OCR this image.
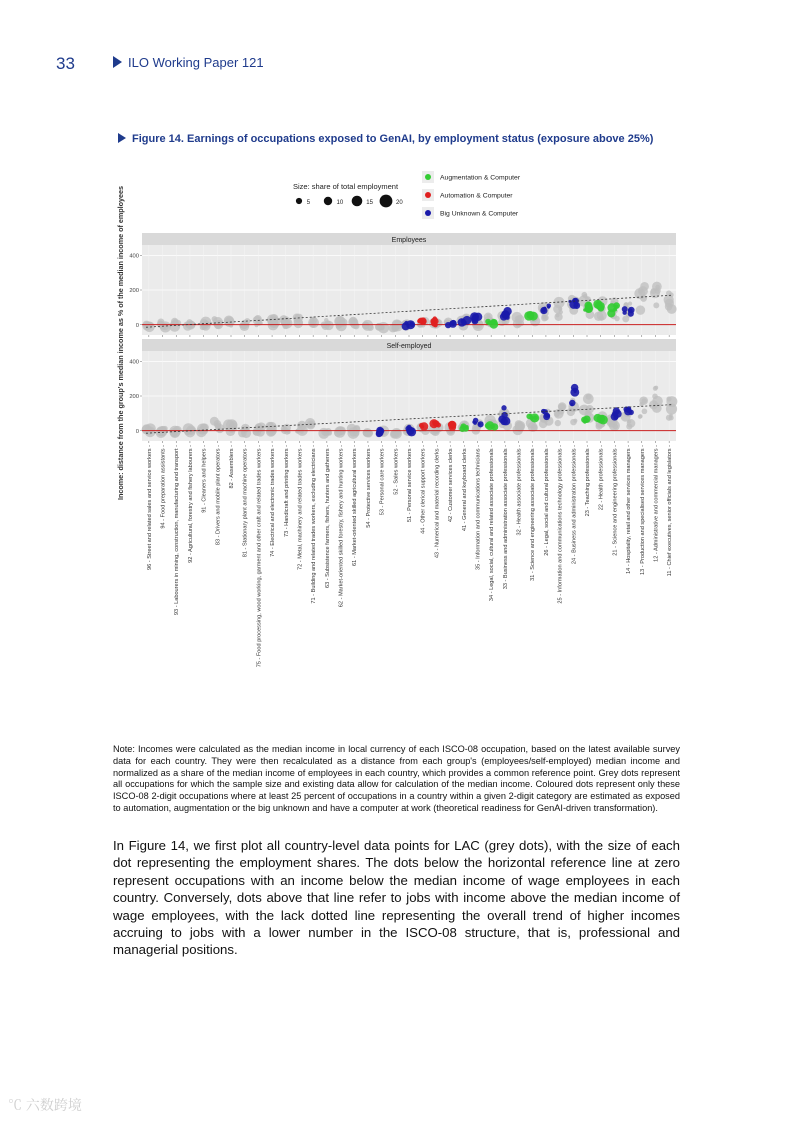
33	ILO Working Paper 121
Figure 14. Earnings of occupations exposed to GenAI, by employment status (exposure above 25%)
Income: distance from the group's median income as % of the median income of employees	Size: share of total employment
5	10	15	20
Augmentation & Computer
Automation & Computer
Big Unknown & Computer
Employees
0
200
400
Self-employed
0
200
400
96 - Street and related sales and service workers - 94 - Food preparation assistants - 93 - Labourers in mining, construction, manufacturing and transport - 92 - Agricultural, forestry and fishery labourers - 91 - Cleaners and helpers - 83 - Drivers and mobile plant operators - 82 - Assemblers - 81 - Stationary plant and machine operators - 75 - Food processing, wood working, garment and other craft and related trades workers - 74 - Electrical and electronic trades workers - 73 - Handicraft and printing workers - 72 - Metal, machinery and related trades workers - 71 - Building and related trades workers, excluding electricians - 63 - Subsistence farmers, fishers, hunters and gatherers - 62 - Market-oriented skilled forestry, fishery and hunting workers - 61 - Market-oriented skilled agricultural workers - 54 - Protective services workers - 53 - Personal care workers - 52 - Sales workers - 51 - Personal service workers - 44 - Other clerical support workers - 43 - Numerical and material recording clerks - 42 - Customer services clerks - 41 - General and keyboard clerks - 35 - Information and communications technicians - 34 - Legal, social, cultural and related associate professionals - 33 - Business and administration associate professionals - 32 - Health associate professionals - 31 - Science and engineering associate professionals - 26 - Legal, social and cultural professionals - 25 - Information and communications technology professionals - 24 - Business and administration professionals - 23 - Teaching professionals - 22 - Health professionals - 21 - Science and engineering professionals - 14 - Hospitality, retail and other services managers - 13 - Production and specialised services managers - 12 - Administrative and commercial managers - 11 - Chief executives, senior officials and legislators -
Note: Incomes were calculated as the median income in local currency of each ISCO-08 occupation, based on the latest available survey data for each country. They were then recalculated as a distance from each group's (employees/self-employed) median income and normalized as a share of the median income of employees in each country, which provides a common reference point. Grey dots represent all occupations for which the sample size and existing data allow for calculation of the median income. Coloured dots represent only these ISCO-08 2-digit occupations where at least 25 percent of occupations in a country within a given 2-digit category are estimated as exposed to automation, augmentation or the big unknown and have a computer at work (theoretical readiness for GenAI-driven transformation).
In Figure 14, we first plot all country-level data points for LAC (grey dots), with the size of each dot representing the employment shares. The dots below the horizontal reference line at zero represent occupations with an income below the median income of wage employees in each country. Conversely, dots above that line refer to jobs with income above the median income of wage employees, with the lack dotted line representing the overall trend of higher incomes accruing to jobs with a lower number in the ISCO-08 structure, that is, professional and managerial positions.
℃ 六数跨境
